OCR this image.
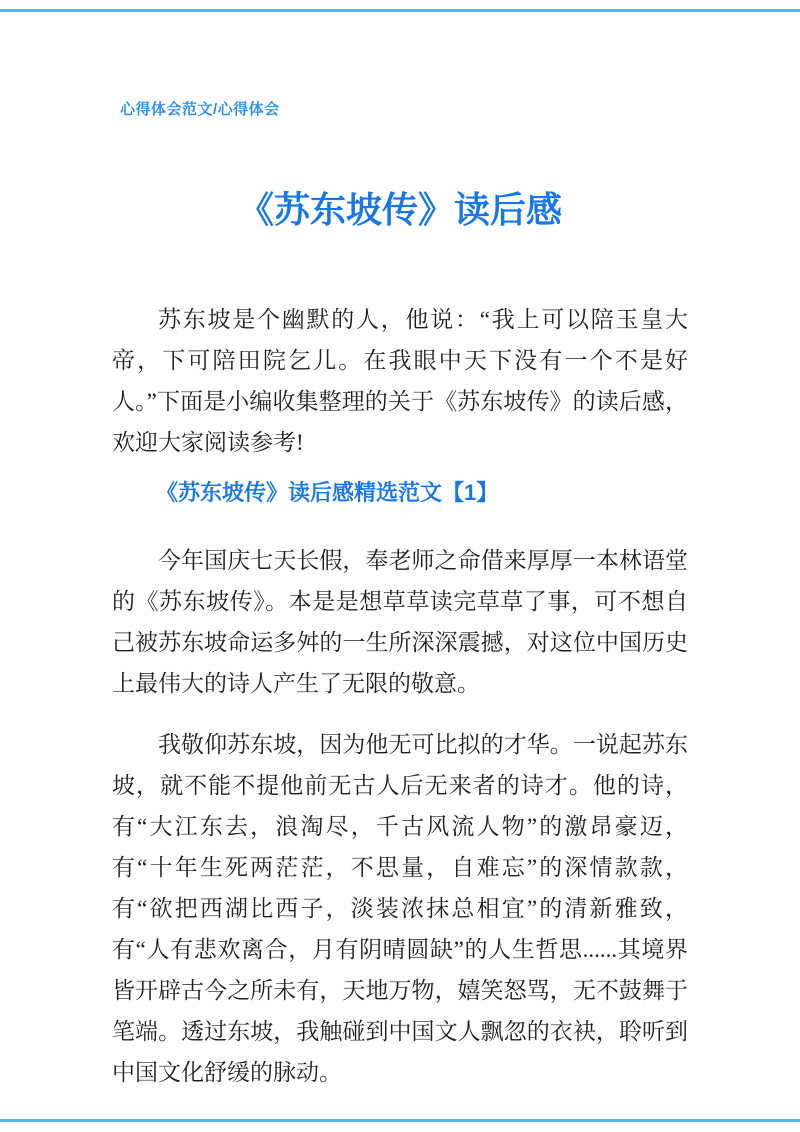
心得体会范文/心得体会
《苏东坡传》读后感

苏东坡是个幽默的人，他说：“我上可以陪玉皇大帝，下可陪田院乞儿。在我眼中天下没有一个不是好人。”下面是小编收集整理的关于《苏东坡传》的读后感，欢迎大家阅读参考!

《苏东坡传》读后感精选范文【1】

今年国庆七天长假，奉老师之命借来厚厚一本林语堂的《苏东坡传》。本是是想草草读完草草了事，可不想自己被苏东坡命运多舛的一生所深深震撼，对这位中国历史上最伟大的诗人产生了无限的敬意。

我敬仰苏东坡，因为他无可比拟的才华。一说起苏东坡，就不能不提他前无古人后无来者的诗才。他的诗，有“大江东去，浪淘尽，千古风流人物”的激昂豪迈，有“十年生死两茫茫，不思量，自难忘”的深情款款，有“欲把西湖比西子，淡装浓抹总相宜”的清新雅致，有“人有悲欢离合，月有阴晴圆缺”的人生哲思......其境界皆开辟古今之所未有，天地万物，嬉笑怒骂，无不鼓舞于笔端。透过东坡，我触碰到中国文人飘忽的衣袂，聆听到中国文化舒缓的脉动。
